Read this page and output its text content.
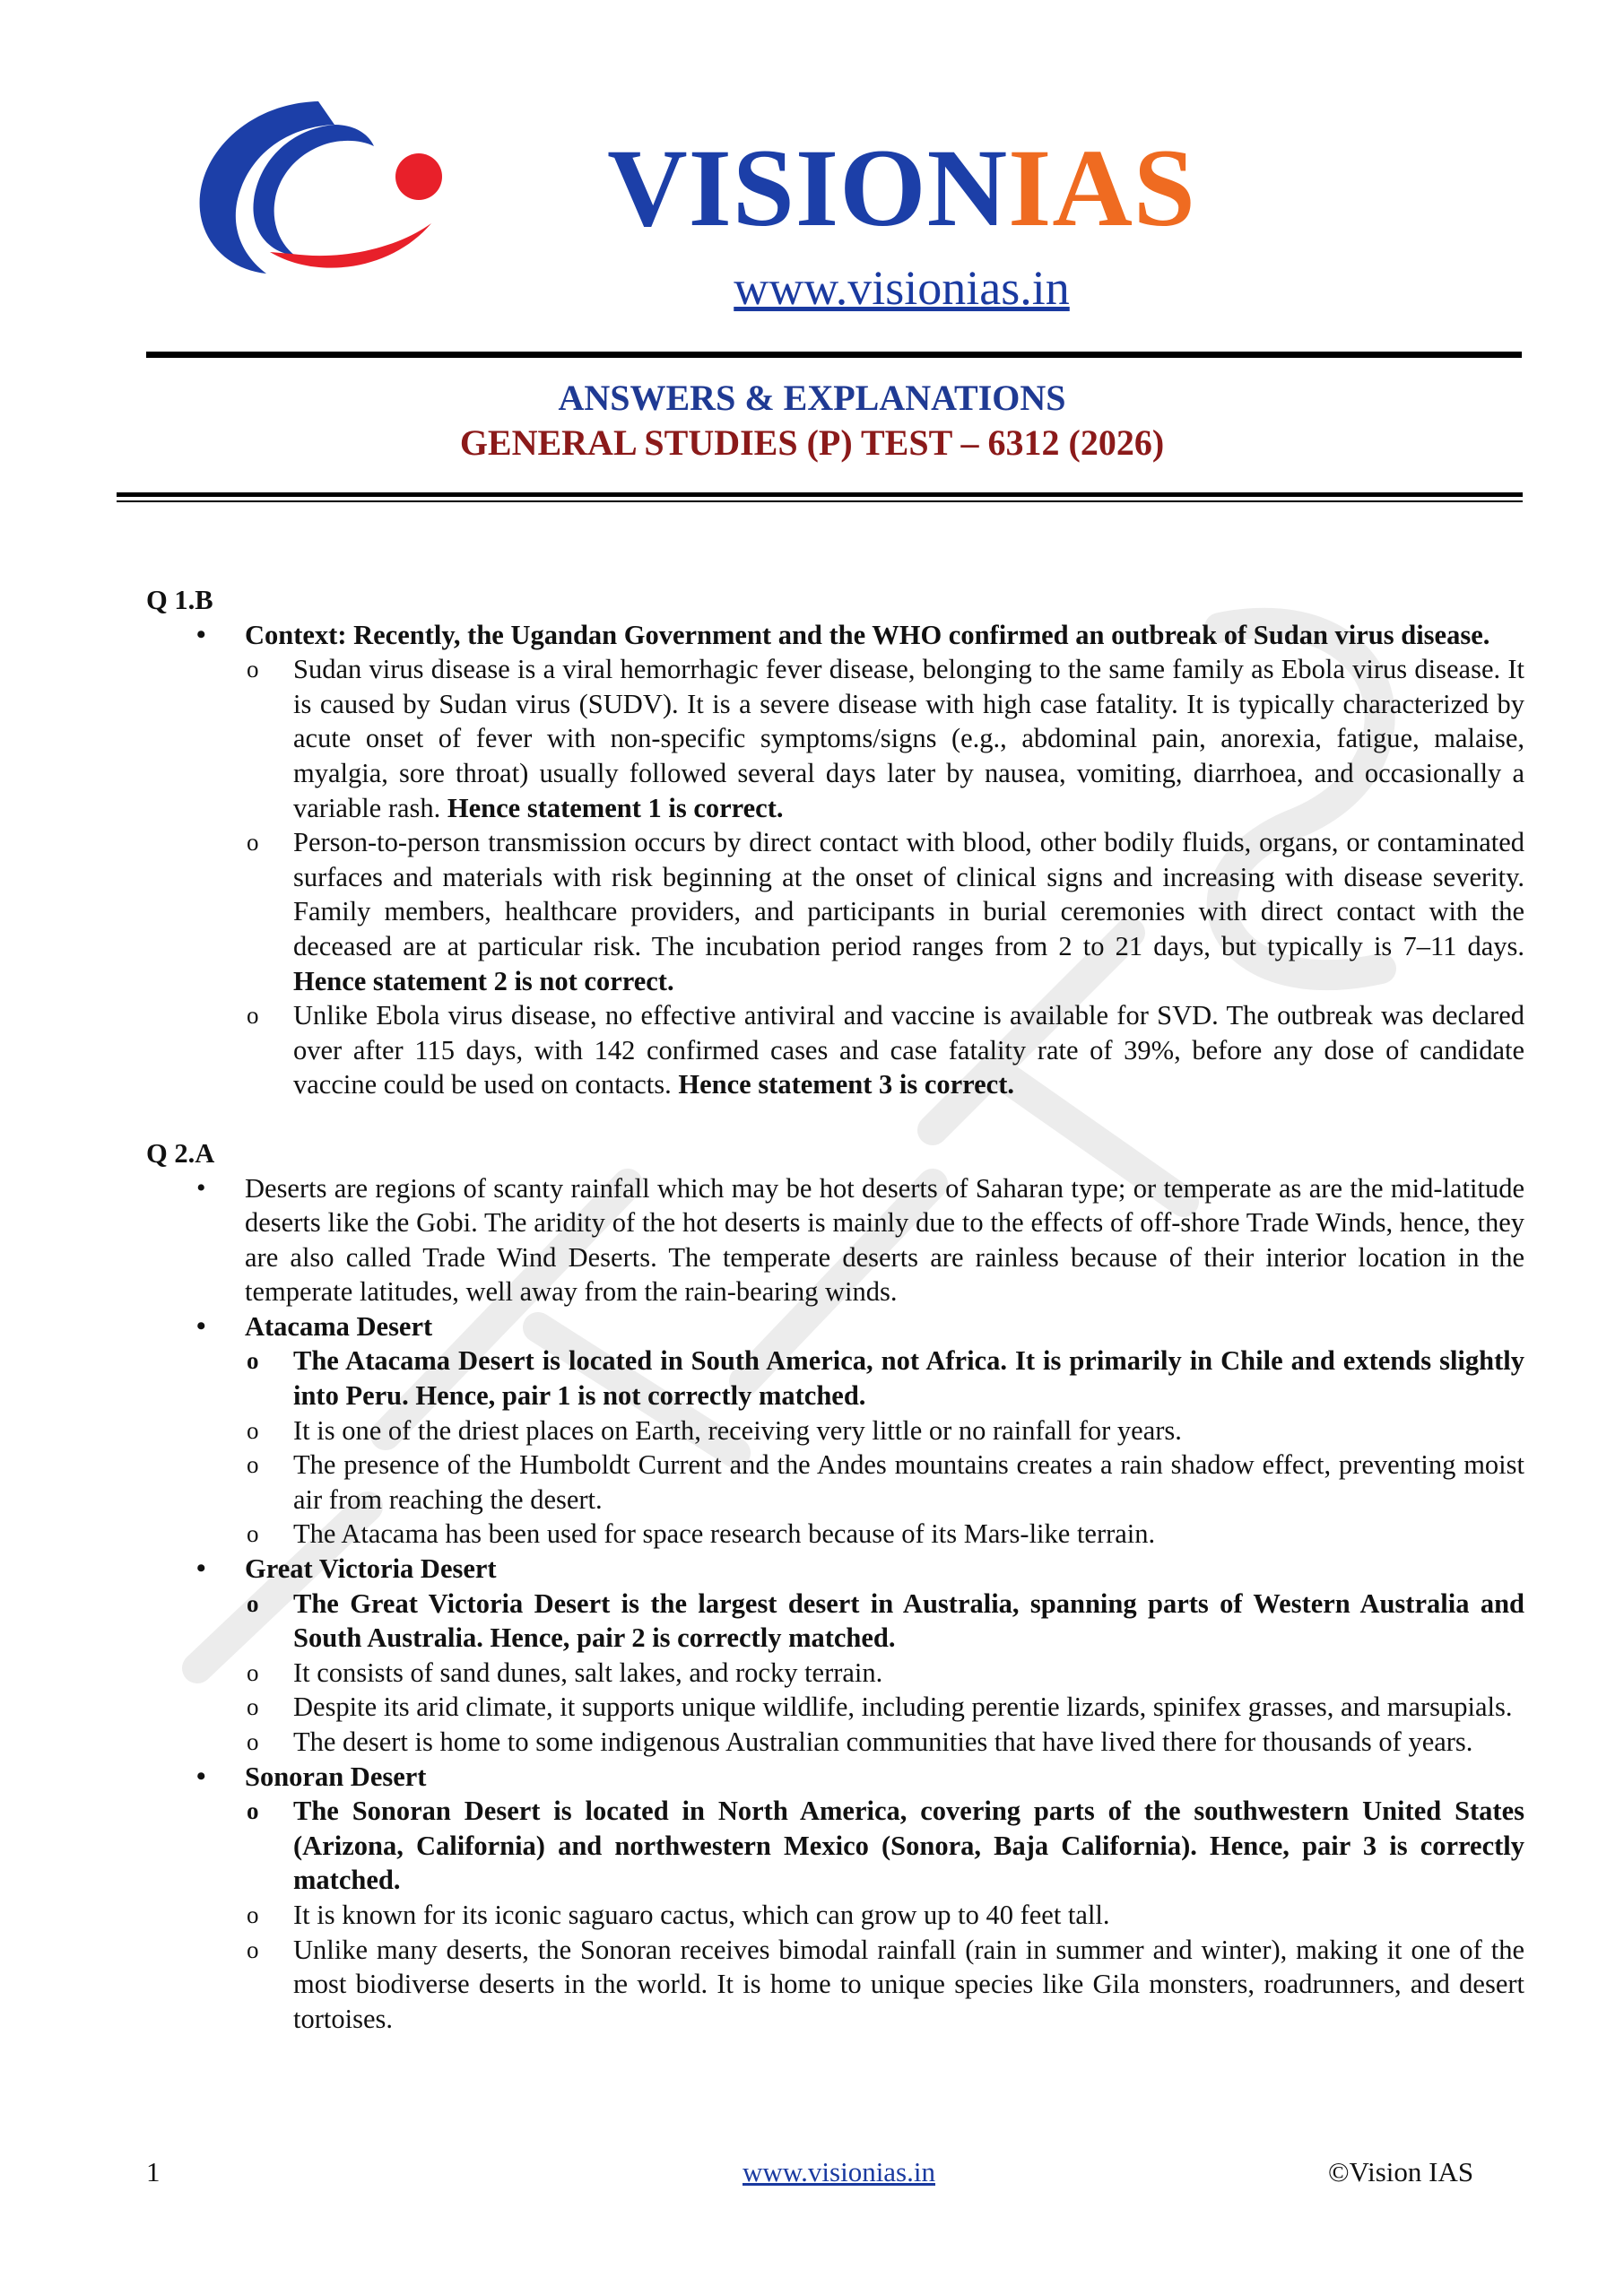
VISIONIAS
www.visionias.in
ANSWERS & EXPLANATIONS
GENERAL STUDIES (P) TEST – 6312 (2026)
Q 1.B
• Context: Recently, the Ugandan Government and the WHO confirmed an outbreak of Sudan virus disease.
o Sudan virus disease is a viral hemorrhagic fever disease, belonging to the same family as Ebola virus disease. It is caused by Sudan virus (SUDV). It is a severe disease with high case fatality. It is typically characterized by acute onset of fever with non-specific symptoms/signs (e.g., abdominal pain, anorexia, fatigue, malaise, myalgia, sore throat) usually followed several days later by nausea, vomiting, diarrhoea, and occasionally a variable rash. Hence statement 1 is correct.
o Person-to-person transmission occurs by direct contact with blood, other bodily fluids, organs, or contaminated surfaces and materials with risk beginning at the onset of clinical signs and increasing with disease severity. Family members, healthcare providers, and participants in burial ceremonies with direct contact with the deceased are at particular risk. The incubation period ranges from 2 to 21 days, but typically is 7–11 days. Hence statement 2 is not correct.
o Unlike Ebola virus disease, no effective antiviral and vaccine is available for SVD. The outbreak was declared over after 115 days, with 142 confirmed cases and case fatality rate of 39%, before any dose of candidate vaccine could be used on contacts. Hence statement 3 is correct.
Q 2.A
• Deserts are regions of scanty rainfall which may be hot deserts of Saharan type; or temperate as are the mid-latitude deserts like the Gobi. The aridity of the hot deserts is mainly due to the effects of off-shore Trade Winds, hence, they are also called Trade Wind Deserts. The temperate deserts are rainless because of their interior location in the temperate latitudes, well away from the rain-bearing winds.
• Atacama Desert
o The Atacama Desert is located in South America, not Africa. It is primarily in Chile and extends slightly into Peru. Hence, pair 1 is not correctly matched.
o It is one of the driest places on Earth, receiving very little or no rainfall for years.
o The presence of the Humboldt Current and the Andes mountains creates a rain shadow effect, preventing moist air from reaching the desert.
o The Atacama has been used for space research because of its Mars-like terrain.
• Great Victoria Desert
o The Great Victoria Desert is the largest desert in Australia, spanning parts of Western Australia and South Australia. Hence, pair 2 is correctly matched.
o It consists of sand dunes, salt lakes, and rocky terrain.
o Despite its arid climate, it supports unique wildlife, including perentie lizards, spinifex grasses, and marsupials.
o The desert is home to some indigenous Australian communities that have lived there for thousands of years.
• Sonoran Desert
o The Sonoran Desert is located in North America, covering parts of the southwestern United States (Arizona, California) and northwestern Mexico (Sonora, Baja California). Hence, pair 3 is correctly matched.
o It is known for its iconic saguaro cactus, which can grow up to 40 feet tall.
o Unlike many deserts, the Sonoran receives bimodal rainfall (rain in summer and winter), making it one of the most biodiverse deserts in the world. It is home to unique species like Gila monsters, roadrunners, and desert tortoises.
1	www.visionias.in	©Vision IAS
